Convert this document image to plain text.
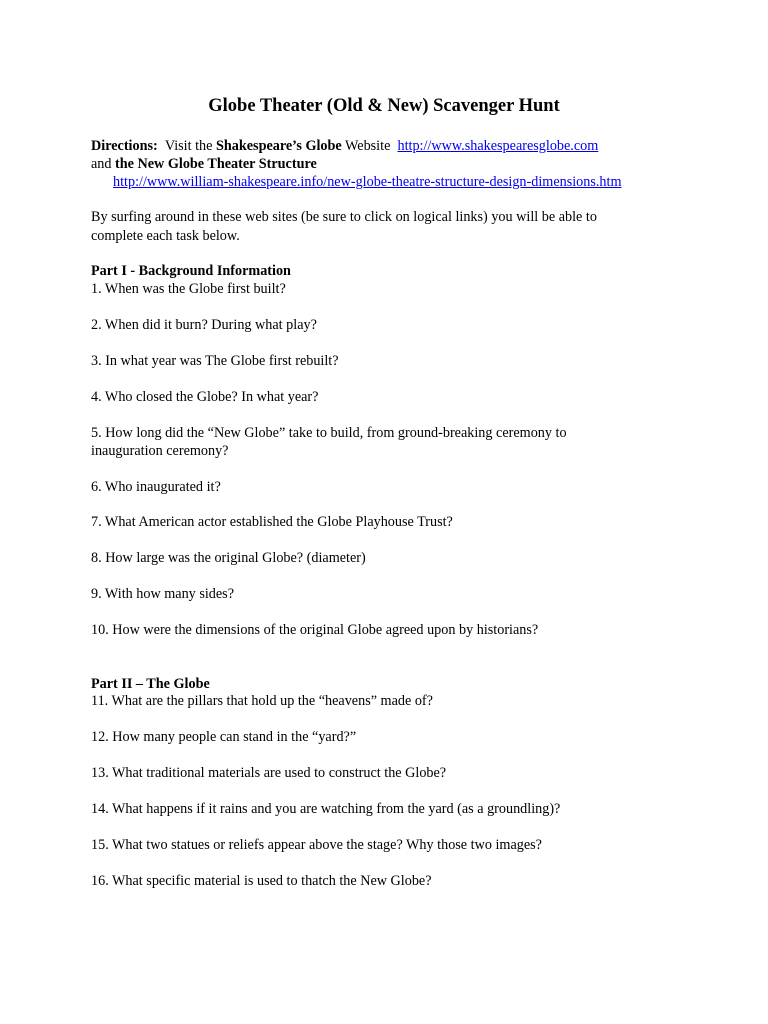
Globe Theater (Old & New) Scavenger Hunt

Directions: Visit the Shakespeare’s Globe Website http://www.shakespearesglobe.com

and the New Globe Theater Structure

http://www.william-shakespeare.info/new-globe-theatre-structure-design-dimensions.htm

By surfing around in these web sites (be sure to click on logical links) you will be able to

complete each task below.

Part I - Background Information

1. When was the Globe first built?

2. When did it burn? During what play?

3. In what year was The Globe first rebuilt?

4. Who closed the Globe? In what year?

5. How long did the “New Globe” take to build, from ground-breaking ceremony to

inauguration ceremony?

6. Who inaugurated it?

7. What American actor established the Globe Playhouse Trust?

8. How large was the original Globe? (diameter)

9. With how many sides?

10. How were the dimensions of the original Globe agreed upon by historians?

Part II – The Globe

11. What are the pillars that hold up the “heavens” made of?

12. How many people can stand in the “yard?”

13. What traditional materials are used to construct the Globe?

14. What happens if it rains and you are watching from the yard (as a groundling)?

15. What two statues or reliefs appear above the stage? Why those two images?

16. What specific material is used to thatch the New Globe?
